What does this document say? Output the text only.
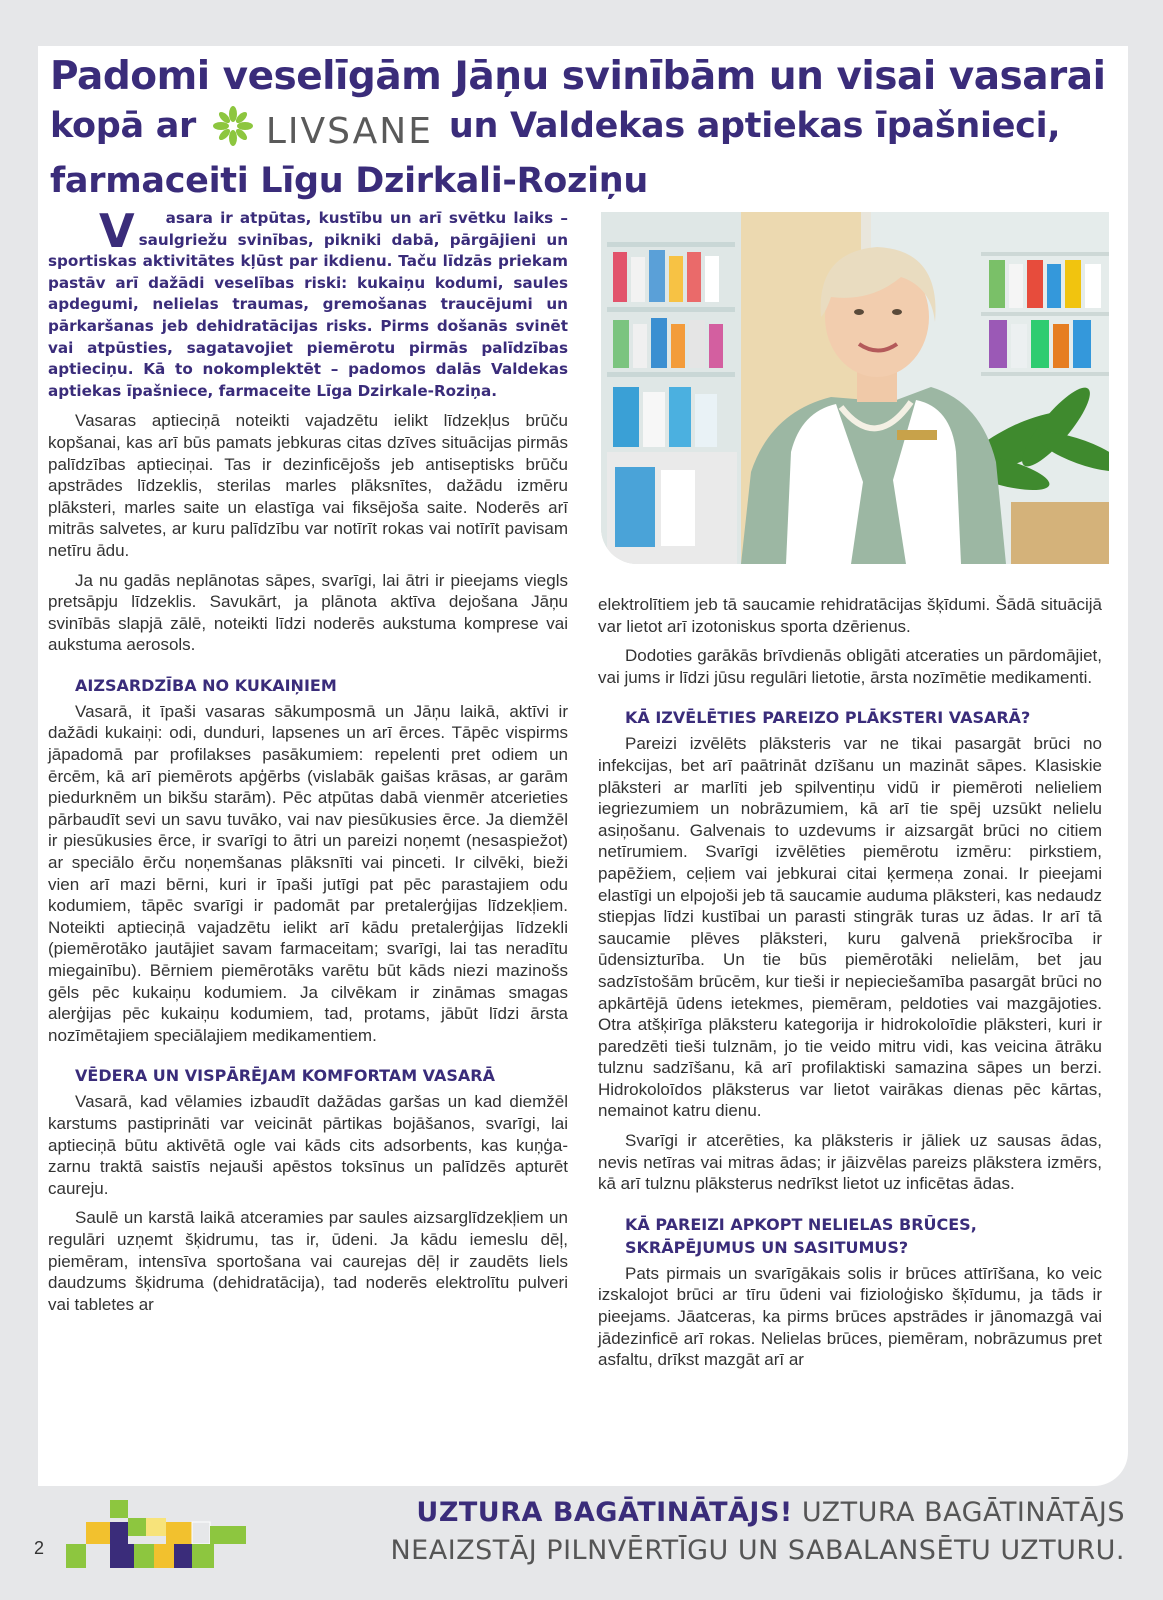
Padomi veselīgām Jāņu svinībām un visai vasarai
kopā ar LIVSANE un Valdekas aptiekas īpašnieci,
farmaceiti Līgu Dzirkali-Roziņu

V asara ir atpūtas, kustību un arī svētku laiks – saulgriežu svinības, pikniki dabā, pārgājieni un sportiskas aktivitātes kļūst par ikdienu. Taču līdzās priekam pastāv arī dažādi veselības riski: kukaiņu kodumi, saules apdegumi, nelielas traumas, gremošanas traucējumi un pārkaršanas jeb dehidratācijas risks. Pirms došanās svinēt vai atpūsties, sagatavojiet piemērotu pirmās palīdzības aptieciņu. Kā to nokomplektēt – padomos dalās Valdekas aptiekas īpašniece, farmaceite Līga Dzirkale-Roziņa.

Vasaras aptieciņā noteikti vajadzētu ielikt līdzekļus brūču kopšanai, kas arī būs pamats jebkuras citas dzīves situācijas pirmās palīdzības aptieciņai. Tas ir dezinficējošs jeb antiseptisks brūču apstrādes līdzeklis, sterilas marles plāksnītes, dažādu izmēru plāksteri, marles saite un elastīga vai fiksējoša saite. Noderēs arī mitrās salvetes, ar kuru palīdzību var notīrīt rokas vai notīrīt pavisam netīru ādu.

Ja nu gadās neplānotas sāpes, svarīgi, lai ātri ir pieejams viegls pretsāpju līdzeklis. Savukārt, ja plānota aktīva dejošana Jāņu svinībās slapjā zālē, noteikti līdzi noderēs aukstuma komprese vai aukstuma aerosols.

AIZSARDZĪBA NO KUKAIŅIEM

Vasarā, it īpaši vasaras sākumposmā un Jāņu laikā, aktīvi ir dažādi kukaiņi: odi, dunduri, lapsenes un arī ērces. Tāpēc vispirms jāpadomā par profilakses pasākumiem: repelenti pret odiem un ērcēm, kā arī piemērots apģērbs (vislabāk gaišas krāsas, ar garām piedurknēm un bikšu starām). Pēc atpūtas dabā vienmēr atcerieties pārbaudīt sevi un savu tuvāko, vai nav piesūkusies ērce. Ja diemžēl ir piesūkusies ērce, ir svarīgi to ātri un pareizi noņemt (nesaspiežot) ar speciālo ērču noņemšanas plāksnīti vai pinceti. Ir cilvēki, bieži vien arī mazi bērni, kuri ir īpaši jutīgi pat pēc parastajiem odu kodumiem, tāpēc svarīgi ir padomāt par pretalerģijas līdzekļiem. Noteikti aptieciņā vajadzētu ielikt arī kādu pretalerģijas līdzekli (piemērotāko jautājiet savam farmaceitam; svarīgi, lai tas neradītu miegainību). Bērniem piemērotāks varētu būt kāds niezi mazinošs gēls pēc kukaiņu kodumiem. Ja cilvēkam ir zināmas smagas alerģijas pēc kukaiņu kodumiem, tad, protams, jābūt līdzi ārsta nozīmētajiem speciālajiem medikamentiem.

VĒDERA UN VISPĀRĒJAM KOMFORTAM VASARĀ

Vasarā, kad vēlamies izbaudīt dažādas garšas un kad diemžēl karstums pastiprināti var veicināt pārtikas bojāšanos, svarīgi, lai aptieciņā būtu aktivētā ogle vai kāds cits adsorbents, kas kuņģa-zarnu traktā saistīs nejauši apēstos toksīnus un palīdzēs apturēt caureju.

Saulē un karstā laikā atceramies par saules aizsarglīdzekļiem un regulāri uzņemt šķidrumu, tas ir, ūdeni. Ja kādu iemeslu dēļ, piemēram, intensīva sportošana vai caurejas dēļ ir zaudēts liels daudzums šķidruma (dehidratācija), tad noderēs elektrolītu pulveri vai tabletes ar

elektrolītiem jeb tā saucamie rehidratācijas šķīdumi. Šādā situācijā var lietot arī izotoniskus sporta dzērienus.

Dodoties garākās brīvdienās obligāti atceraties un pārdomājiet, vai jums ir līdzi jūsu regulāri lietotie, ārsta nozīmētie medikamenti.

KĀ IZVĒLĒTIES PAREIZO PLĀKSTERI VASARĀ?

Pareizi izvēlēts plāksteris var ne tikai pasargāt brūci no infekcijas, bet arī paātrināt dzīšanu un mazināt sāpes. Klasiskie plāksteri ar marlīti jeb spilventiņu vidū ir piemēroti nelieliem iegriezumiem un nobrāzumiem, kā arī tie spēj uzsūkt nelielu asiņošanu. Galvenais to uzdevums ir aizsargāt brūci no citiem netīrumiem. Svarīgi izvēlēties piemērotu izmēru: pirkstiem, papēžiem, ceļiem vai jebkurai citai ķermeņa zonai. Ir pieejami elastīgi un elpojoši jeb tā saucamie auduma plāksteri, kas nedaudz stiepjas līdzi kustībai un parasti stingrāk turas uz ādas. Ir arī tā saucamie plēves plāksteri, kuru galvenā priekšrocība ir ūdensizturība. Un tie būs piemērotāki nelielām, bet jau sadzīstošām brūcēm, kur tieši ir nepieciešamība pasargāt brūci no apkārtējā ūdens ietekmes, piemēram, peldoties vai mazgājoties. Otra atšķirīga plāksteru kategorija ir hidrokoloīdie plāksteri, kuri ir paredzēti tieši tulznām, jo tie veido mitru vidi, kas veicina ātrāku tulznu sadzīšanu, kā arī profilaktiski samazina sāpes un berzi. Hidrokoloīdos plāksterus var lietot vairākas dienas pēc kārtas, nemainot katru dienu.

Svarīgi ir atcerēties, ka plāksteris ir jāliek uz sausas ādas, nevis netīras vai mitras ādas; ir jāizvēlas pareizs plākstera izmērs, kā arī tulznu plāksterus nedrīkst lietot uz inficētas ādas.

KĀ PAREIZI APKOPT NELIELAS BRŪCES, SKRĀPĒJUMUS UN SASITUMUS?

Pats pirmais un svarīgākais solis ir brūces attīrīšana, ko veic izskalojot brūci ar tīru ūdeni vai fizioloģisko šķīdumu, ja tāds ir pieejams. Jāatceras, ka pirms brūces apstrādes ir jānomazgā vai jādezinficē arī rokas. Nelielas brūces, piemēram, nobrāzumus pret asfaltu, drīkst mazgāt arī ar

2
UZTURA BAGĀTINĀTĀJS! UZTURA BAGĀTINĀTĀJS
NEAIZSTĀJ PILNVĒRTĪGU UN SABALANSĒTU UZTURU.
